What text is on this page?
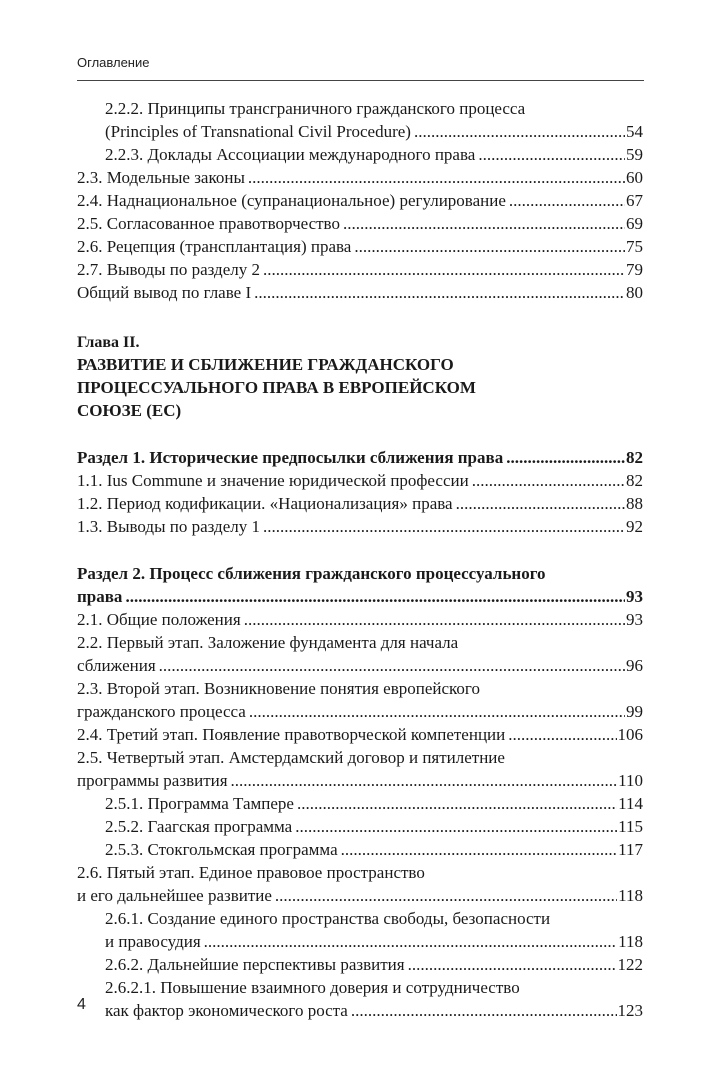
Оглавление
2.2.2. Принципы трансграничного гражданского процесса
(Principles of Transnational Civil Procedure) .....	54
2.2.3. Доклады Ассоциации международного права .....	59
2.3. Модельные законы .....	60
2.4. Наднациональное (супранациональное) регулирование .....	67
2.5. Согласованное правотворчество .....	69
2.6. Рецепция (трансплантация) права .....	75
2.7. Выводы по разделу 2 .....	79
Общий вывод по главе I .....	80
Глава II.
РАЗВИТИЕ И СБЛИЖЕНИЕ ГРАЖДАНСКОГО
ПРОЦЕССУАЛЬНОГО ПРАВА В ЕВРОПЕЙСКОМ
СОЮЗЕ (ЕС)
Раздел 1. Исторические предпосылки сближения права .....	82
1.1. Ius Commune и значение юридической профессии .....	82
1.2. Период кодификации. «Национализация» права .....	88
1.3. Выводы по разделу 1 .....	92
Раздел 2. Процесс сближения гражданского процессуального
права .....	93
2.1. Общие положения .....	93
2.2. Первый этап. Заложение фундамента для начала
сближения .....	96
2.3. Второй этап. Возникновение понятия европейского
гражданского процесса .....	99
2.4. Третий этап. Появление правотворческой компетенции .....	106
2.5. Четвертый этап. Амстердамский договор и пятилетние
программы развития .....	110
2.5.1. Программа Тампере .....	114
2.5.2. Гаагская программа .....	115
2.5.3. Стокгольмская программа .....	117
2.6. Пятый этап. Единое правовое пространство
и его дальнейшее развитие .....	118
2.6.1. Создание единого пространства свободы, безопасности
и правосудия .....	118
2.6.2. Дальнейшие перспективы развития .....	122
2.6.2.1. Повышение взаимного доверия и сотрудничество
как фактор экономического роста .....	123
4
